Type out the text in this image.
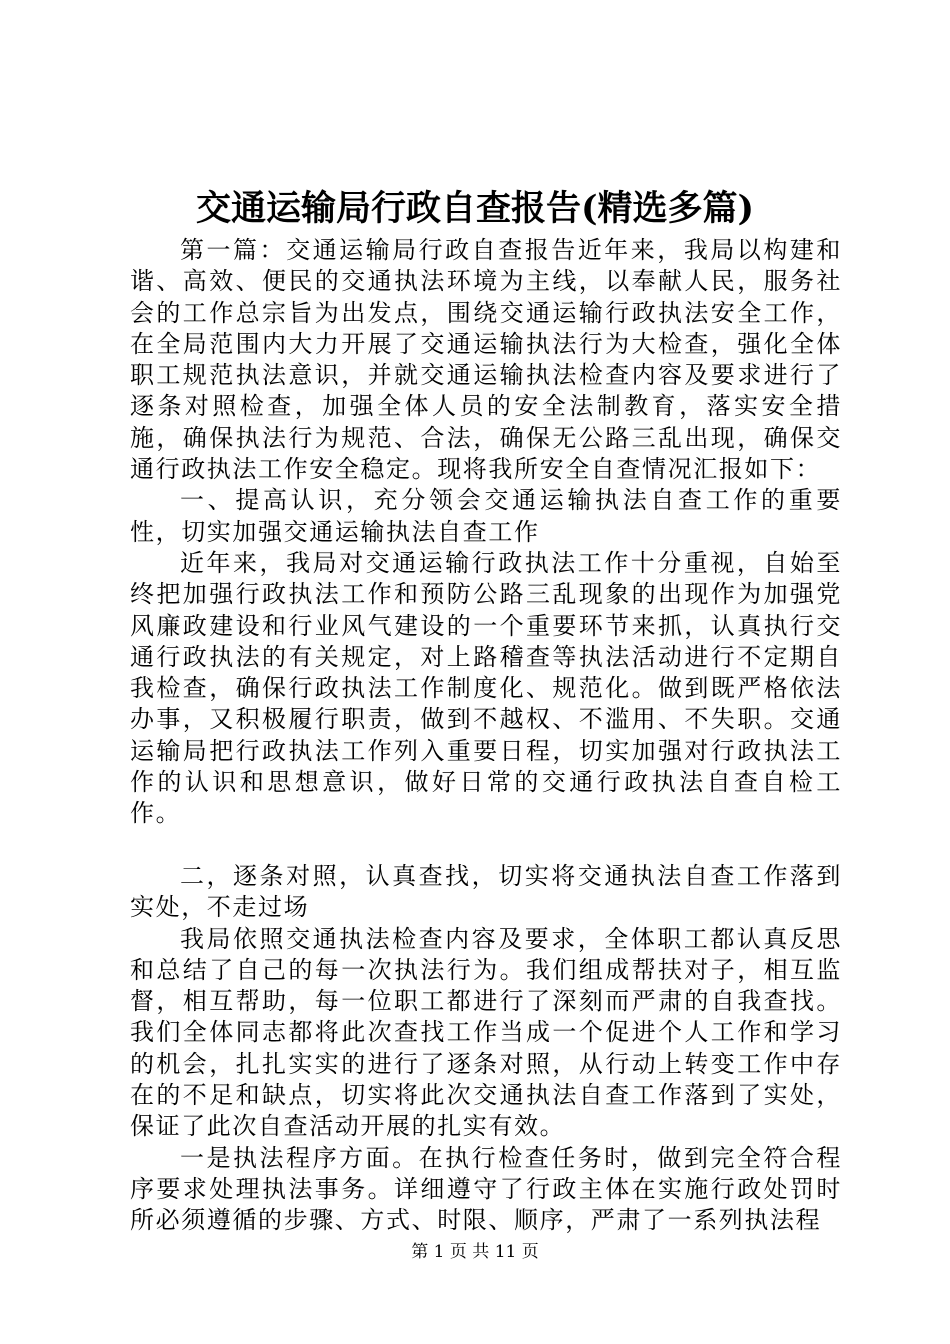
交通运输局行政自查报告(精选多篇)

第一篇：交通运输局行政自查报告近年来，我局以构建和谐、高效、便民的交通执法环境为主线，以奉献人民，服务社会的工作总宗旨为出发点，围绕交通运输行政执法安全工作，在全局范围内大力开展了交通运输执法行为大检查，强化全体职工规范执法意识，并就交通运输执法检查内容及要求进行了逐条对照检查，加强全体人员的安全法制教育，落实安全措施，确保执法行为规范、合法，确保无公路三乱出现，确保交通行政执法工作安全稳定。现将我所安全自查情况汇报如下：

一、提高认识，充分领会交通运输执法自查工作的重要性，切实加强交通运输执法自查工作

近年来，我局对交通运输行政执法工作十分重视，自始至终把加强行政执法工作和预防公路三乱现象的出现作为加强党风廉政建设和行业风气建设的一个重要环节来抓，认真执行交通行政执法的有关规定，对上路稽查等执法活动进行不定期自我检查，确保行政执法工作制度化、规范化。做到既严格依法办事，又积极履行职责，做到不越权、不滥用、不失职。交通运输局把行政执法工作列入重要日程，切实加强对行政执法工作的认识和思想意识，做好日常的交通行政执法自查自检工作。

二，逐条对照，认真查找，切实将交通执法自查工作落到实处，不走过场

我局依照交通执法检查内容及要求，全体职工都认真反思和总结了自己的每一次执法行为。我们组成帮扶对子，相互监督，相互帮助，每一位职工都进行了深刻而严肃的自我查找。我们全体同志都将此次查找工作当成一个促进个人工作和学习的机会，扎扎实实的进行了逐条对照，从行动上转变工作中存在的不足和缺点，切实将此次交通执法自查工作落到了实处，保证了此次自查活动开展的扎实有效。

一是执法程序方面。在执行检查任务时，做到完全符合程序要求处理执法事务。详细遵守了行政主体在实施行政处罚时所必须遵循的步骤、方式、时限、顺序，严肃了一系列执法程

第 1 页 共 11 页
